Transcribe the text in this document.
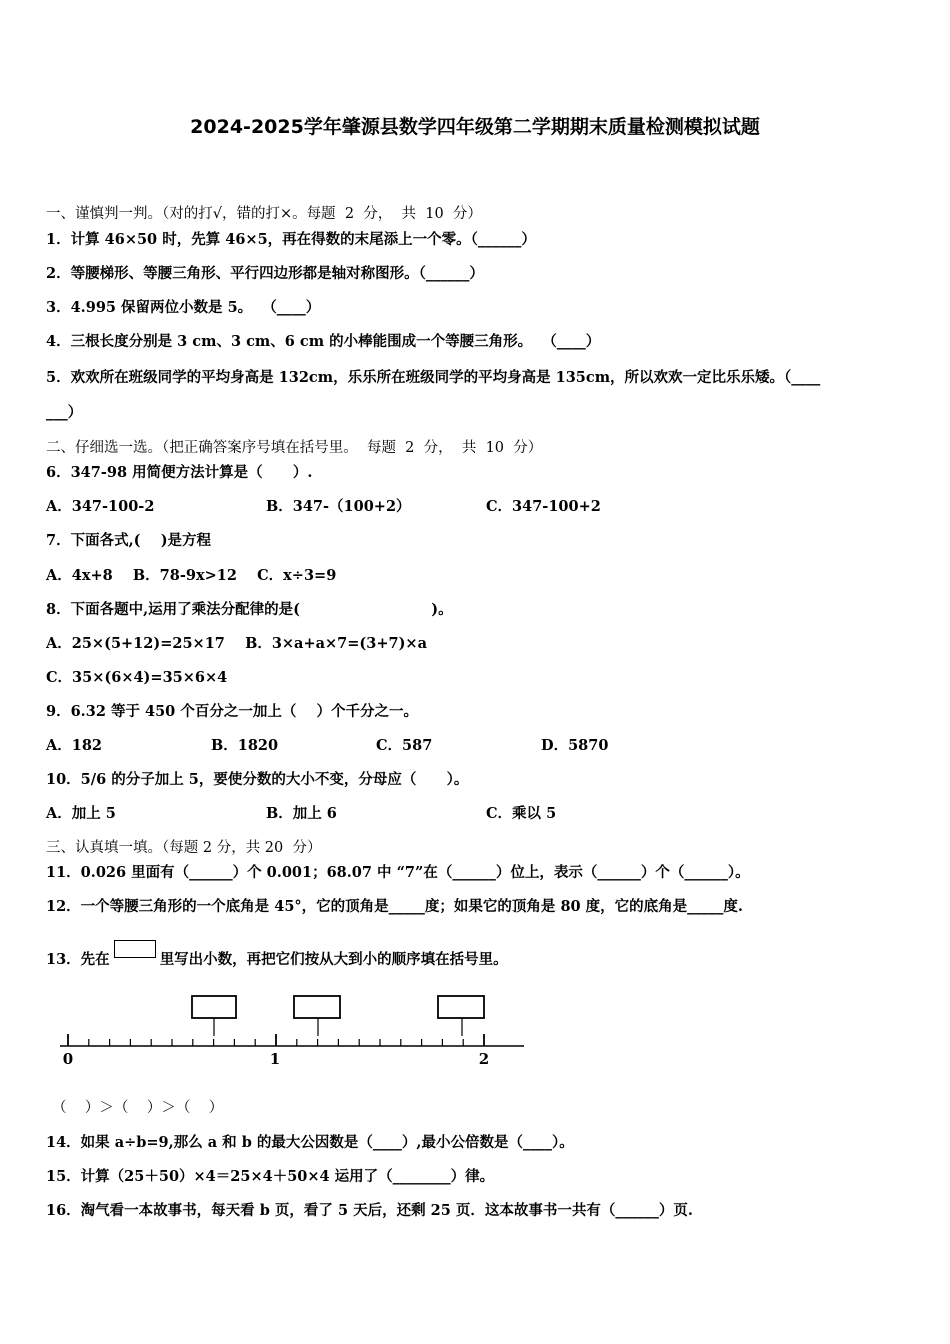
2024-2025学年肇源县数学四年级第二学期期末质量检测模拟试题
一、谨慎判一判。（对的打√，错的打×。每题  2  分，  共  10  分）
1．计算 46×50 时，先算 46×5，再在得数的末尾添上一个零。（______）
2．等腰梯形、等腰三角形、平行四边形都是轴对称图形。（______）
3．4.995 保留两位小数是 5。  （____）
4．三根长度分别是 3 cm、3 cm、6 cm 的小棒能围成一个等腰三角形。  （____）
5．欢欢所在班级同学的平均身高是 132cm，乐乐所在班级同学的平均身高是 135cm，所以欢欢一定比乐乐矮。（____
___）
二、仔细选一选。（把正确答案序号填在括号里。  每题  2  分，  共  10  分）
6．347-98 用简便方法计算是（      ）.
A．347-100-2	B．347-（100+2）	C．347-100+2
7．下面各式,(    )是方程
A．4x+8    B．78-9x>12    C．x÷3=9
8．下面各题中,运用了乘法分配律的是(                          )。
A．25×(5+12)=25×17    B．3×a+a×7=(3+7)×a
C．35×(6×4)=35×6×4
9．6.32 等于 450 个百分之一加上（    ）个千分之一。
A．182	B．1820	C．587	D．5870
10．5/6 的分子加上 5，要使分数的大小不变，分母应（      ）。
A．加上 5	B．加上 6	C．乘以 5
三、认真填一填。（每题 2 分，共 20  分）
11．0.026 里面有（______）个 0.001；68.07 中 “7”在（______）位上，表示（______）个（______）。
12．一个等腰三角形的一个底角是 45°，它的顶角是_____度；如果它的顶角是 80 度，它的底角是_____度.
13．先在	里写出小数，再把它们按从大到小的顺序填在括号里。
0	1	2
（    ）＞（    ）＞（    ）
14．如果 a÷b=9,那么 a 和 b 的最大公因数是（____）,最小公倍数是（____）。
15．计算（25＋50）×4＝25×4＋50×4 运用了（________）律。
16．淘气看一本故事书，每天看 b 页，看了 5 天后，还剩 25 页．这本故事书一共有（______）页.
